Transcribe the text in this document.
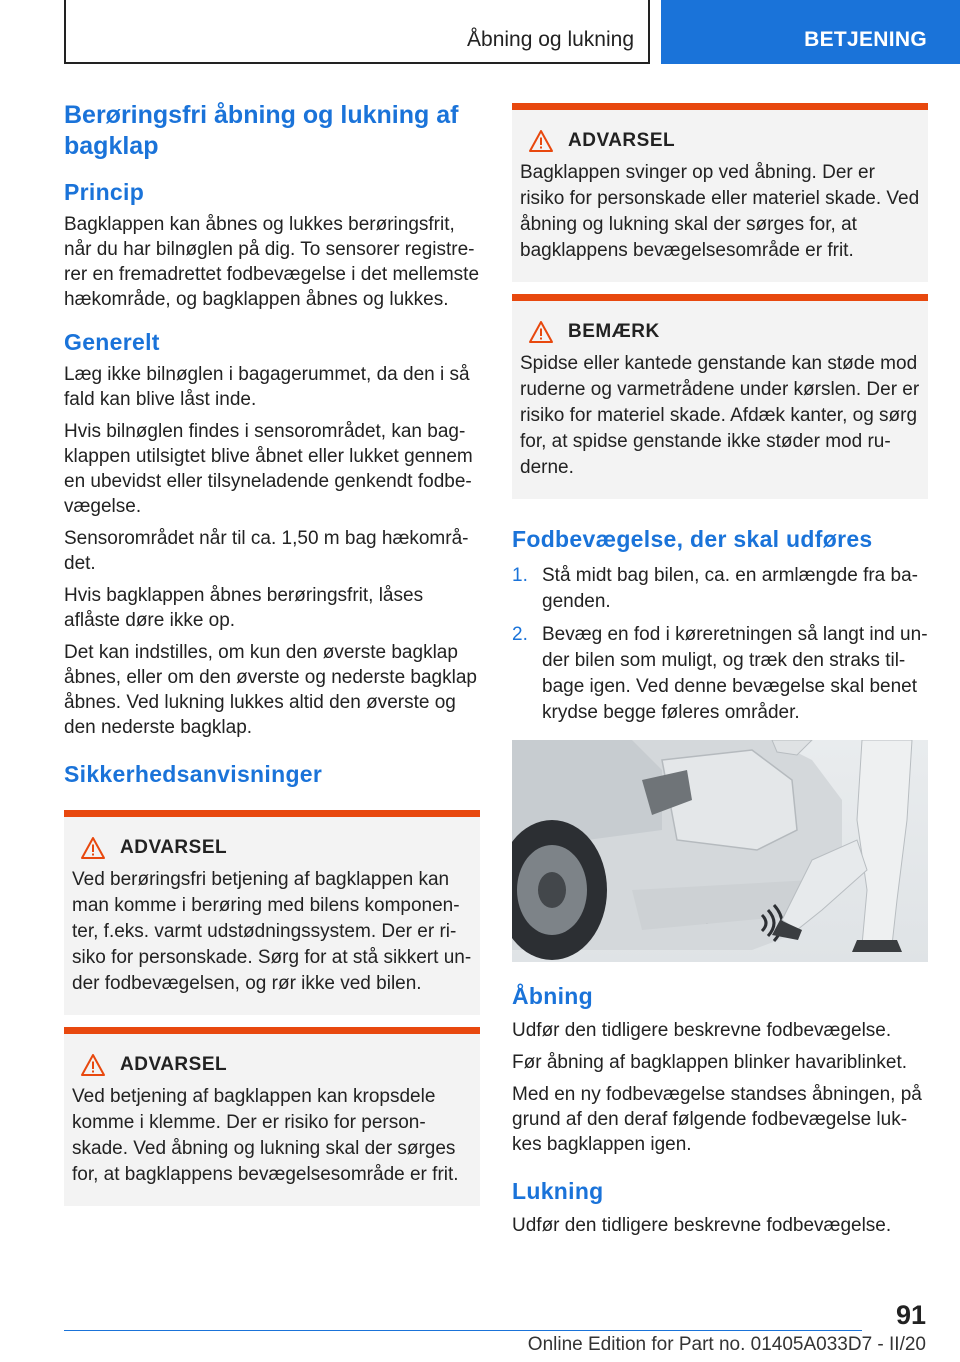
Åbning og lukning	BETJENING
Berøringsfri åbning og lukning af bagklap
Princip

Bagklappen kan åbnes og lukkes berøringsfrit, når du har bilnøglen på dig. To sensorer registrerer en fremadrettet fodbevægelse i det mellemste hækområde, og bagklappen åbnes og lukkes.

Generelt

Læg ikke bilnøglen i bagagerummet, da den i så fald kan blive låst inde.

Hvis bilnøglen findes i sensorområdet, kan bagklappen utilsigtet blive åbnet eller lukket gennem en ubevidst eller tilsyneladende genkendt fodbevægelse.

Sensorområdet når til ca. 1,50 m bag hækområdet.

Hvis bagklappen åbnes berøringsfrit, låses aflåste døre ikke op.

Det kan indstilles, om kun den øverste bagklap åbnes, eller om den øverste og nederste bagklap åbnes. Ved lukning lukkes altid den øverste og den nederste bagklap.

Sikkerhedsanvisninger
ADVARSEL
Ved berøringsfri betjening af bagklappen kan man komme i berøring med bilens komponenter, f.eks. varmt udstødningssystem. Der er risiko for personskade. Sørg for at stå sikkert under fodbevægelsen, og rør ikke ved bilen.
ADVARSEL
Ved betjening af bagklappen kan kropsdele komme i klemme. Der er risiko for personskade. Ved åbning og lukning skal der sørges for, at bagklappens bevægelsesområde er frit.
ADVARSEL
Bagklappen svinger op ved åbning. Der er risiko for personskade eller materiel skade. Ved åbning og lukning skal der sørges for, at bagklappens bevægelsesområde er frit.
BEMÆRK
Spidse eller kantede genstande kan støde mod ruderne og varmetrådene under kørslen. Der er risiko for materiel skade. Afdæk kanter, og sørg for, at spidse genstande ikke støder mod ruderne.
Fodbevægelse, der skal udføres
1. Stå midt bag bilen, ca. en armlængde fra bagenden.
2. Bevæg en fod i køreretningen så langt ind under bilen som muligt, og træk den straks tilbage igen. Ved denne bevægelse skal benet krydse begge føleres områder.
Åbning

Udfør den tidligere beskrevne fodbevægelse.

Før åbning af bagklappen blinker havariblinket.

Med en ny fodbevægelse standses åbningen, på grund af den deraf følgende fodbevægelse lukkes bagklappen igen.

Lukning

Udfør den tidligere beskrevne fodbevægelse.

91
Online Edition for Part no. 01405A033D7 - II/20
